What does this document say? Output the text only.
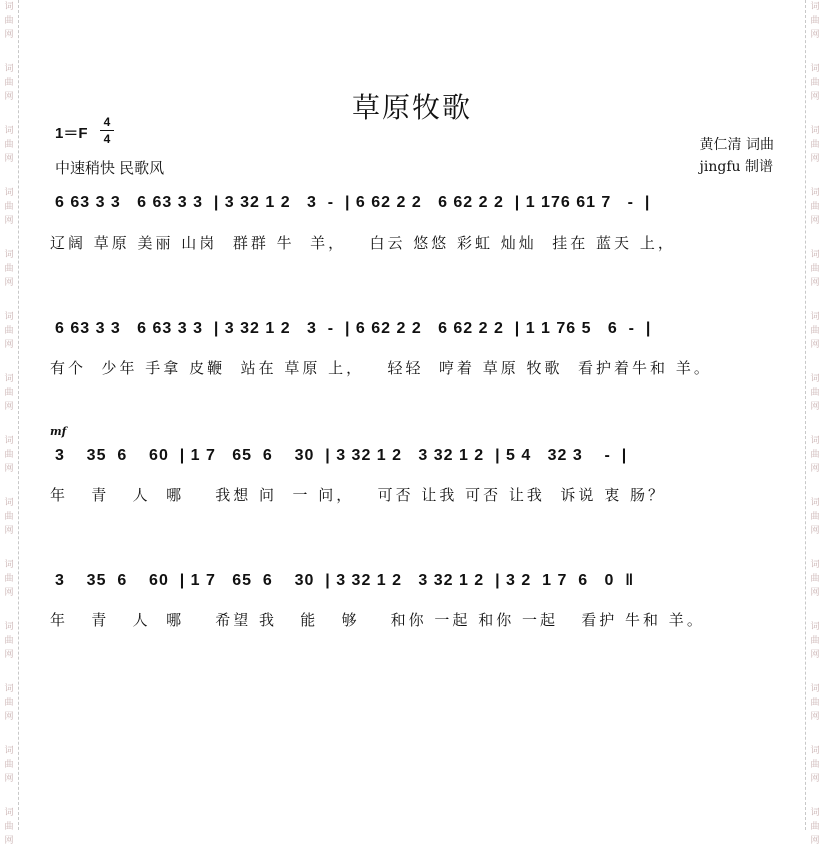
词
曲
网
词
曲
网
词
曲
网
词
曲
网
词
曲
网
词
曲
网
词
曲
网
词
曲
网
词
曲
网
词
曲
网
词
曲
网
词
曲
网
词
曲
网
词
曲
网
词
曲
网
词
曲
网
词
曲
网
词
曲
网
词
曲
网
词
曲
网
词
曲
网
词
曲
网
词
曲
网
词
曲
网
词
曲
网
词
曲
网
词
曲
网
词
曲
网
草原牧歌
1＝F
4
4
中速稍快 民歌风
黄仁清 词曲
jingfu 制谱
mf
6 63 3 3   6 63 3 3  | 3 32 1 2   3  -  | 6 62 2 2   6 62 2 2  | 1 176 61 7   -  |
辽阔 草原 美丽 山岗  群群 牛  羊，   白云 悠悠 彩虹 灿灿  挂在 蓝天 上，
6 63 3 3   6 63 3 3  | 3 32 1 2   3  -  | 6 62 2 2   6 62 2 2  | 1 1 76 5   6  -  |
有个  少年 手拿 皮鞭  站在 草原 上，   轻轻  哼着 草原 牧歌  看护着牛和 羊。
3    35  6    60  | 1 7   65  6    30  | 3 32 1 2   3 32 1 2  | 5 4   32 3    -  |
年   青   人  哪    我想 问  一 问，   可否 让我 可否 让我  诉说 衷 肠？
3    35  6    60  | 1 7   65  6    30  | 3 32 1 2   3 32 1 2  | 3 2  1 7  6   0  ‖
年   青   人  哪    希望 我   能   够    和你 一起 和你 一起   看护 牛和 羊。
